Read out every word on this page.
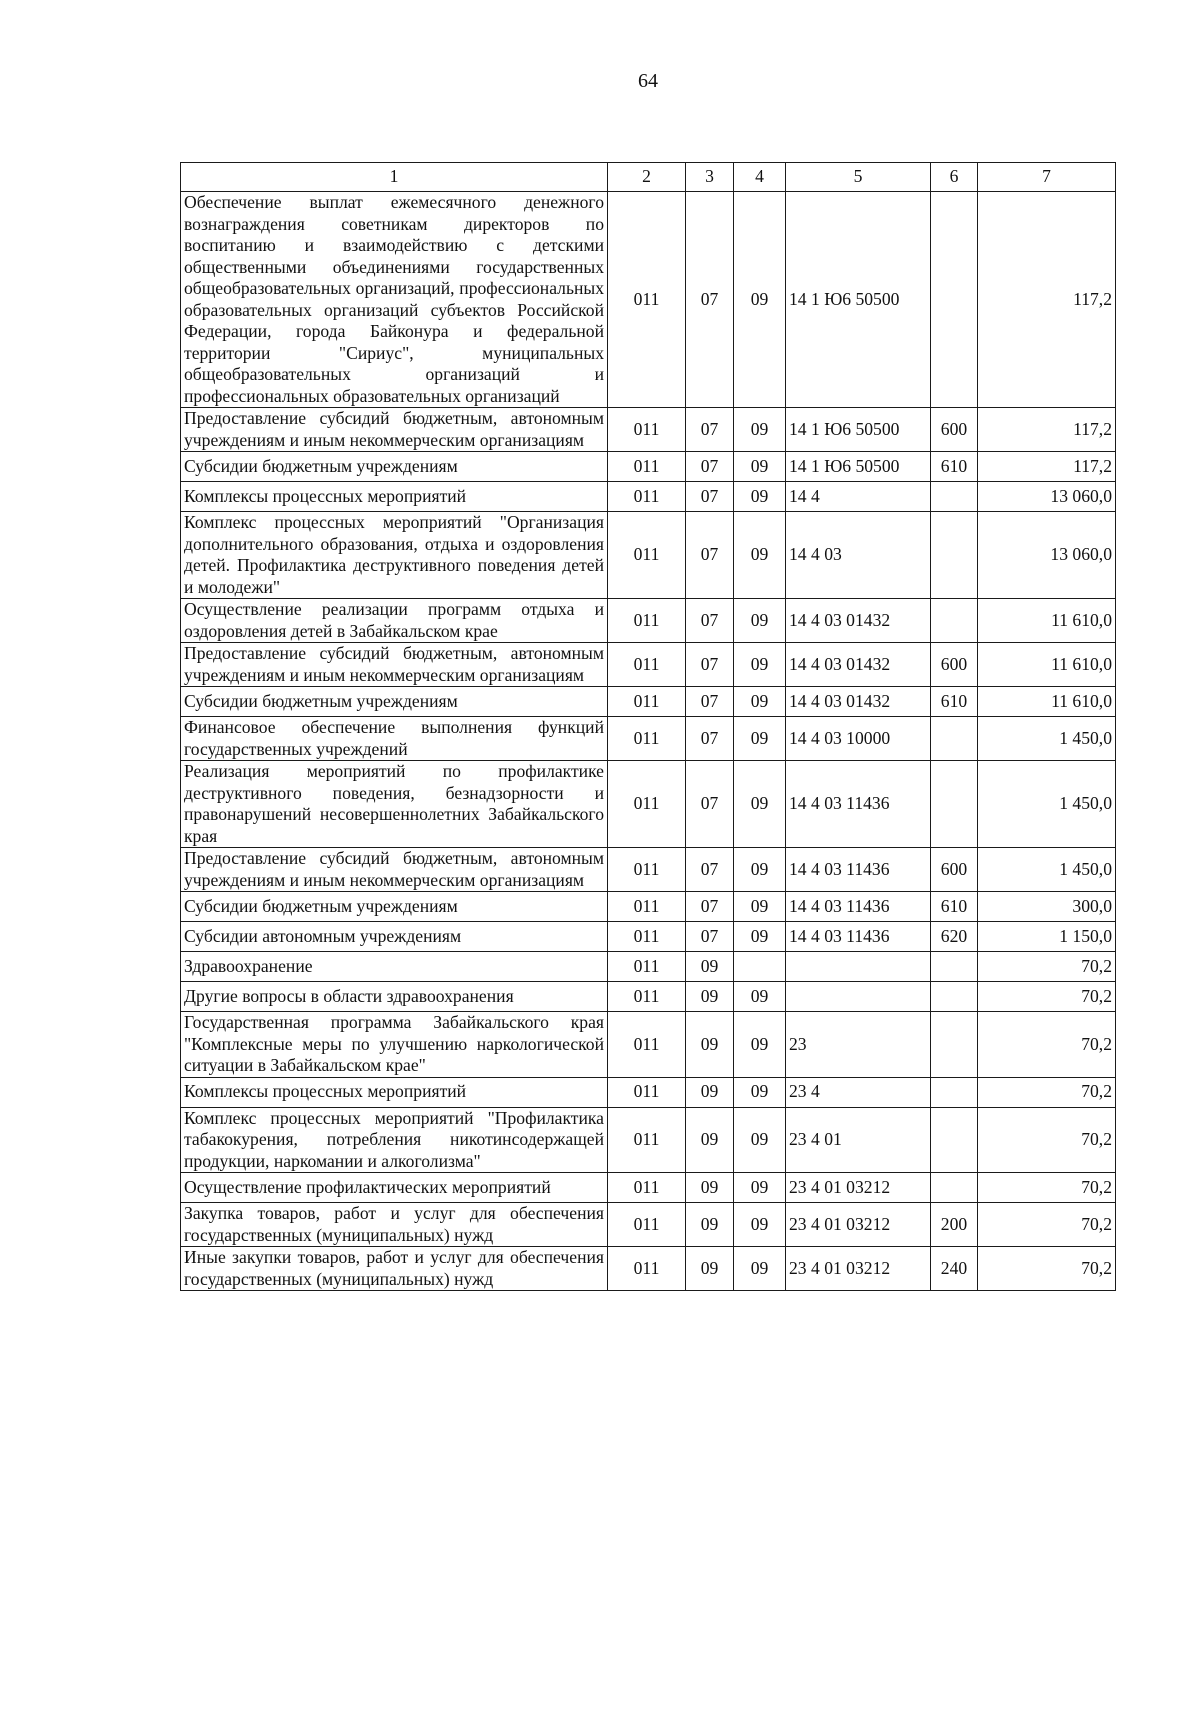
64
1	2	3	4	5	6	7
Обеспечение выплат ежемесячного денежного вознаграждения советникам директоров по воспитанию и взаимодействию с детскими общественными объединениями государственных общеобразовательных организаций, профессиональных образовательных организаций субъектов Российской Федерации, города Байконура и федеральной территории "Сириус", муниципальных общеобразовательных организаций и профессиональных образовательных организаций	011	07	09	14 1 Ю6 50500		117,2
Предоставление субсидий бюджетным, автономным учреждениям и иным некоммерческим организациям	011	07	09	14 1 Ю6 50500	600	117,2
Субсидии бюджетным учреждениям	011	07	09	14 1 Ю6 50500	610	117,2
Комплексы процессных мероприятий	011	07	09	14 4		13 060,0
Комплекс процессных мероприятий "Организация дополнительного образования, отдыха и оздоровления детей. Профилактика деструктивного поведения детей и молодежи"	011	07	09	14 4 03		13 060,0
Осуществление реализации программ отдыха и оздоровления детей в Забайкальском крае	011	07	09	14 4 03 01432		11 610,0
Предоставление субсидий бюджетным, автономным учреждениям и иным некоммерческим организациям	011	07	09	14 4 03 01432	600	11 610,0
Субсидии бюджетным учреждениям	011	07	09	14 4 03 01432	610	11 610,0
Финансовое обеспечение выполнения функций государственных учреждений	011	07	09	14 4 03 10000		1 450,0
Реализация мероприятий по профилактике деструктивного поведения, безнадзорности и правонарушений несовершеннолетних Забайкальского края	011	07	09	14 4 03 11436		1 450,0
Предоставление субсидий бюджетным, автономным учреждениям и иным некоммерческим организациям	011	07	09	14 4 03 11436	600	1 450,0
Субсидии бюджетным учреждениям	011	07	09	14 4 03 11436	610	300,0
Субсидии автономным учреждениям	011	07	09	14 4 03 11436	620	1 150,0
Здравоохранение	011	09				70,2
Другие вопросы в области здравоохранения	011	09	09			70,2
Государственная программа Забайкальского края "Комплексные меры по улучшению наркологической ситуации в Забайкальском крае"	011	09	09	23		70,2
Комплексы процессных мероприятий	011	09	09	23 4		70,2
Комплекс процессных мероприятий "Профилактика табакокурения, потребления никотинсодержащей продукции, наркомании и алкоголизма"	011	09	09	23 4 01		70,2
Осуществление профилактических мероприятий	011	09	09	23 4 01 03212		70,2
Закупка товаров, работ и услуг для обеспечения государственных (муниципальных) нужд	011	09	09	23 4 01 03212	200	70,2
Иные закупки товаров, работ и услуг для обеспечения государственных (муниципальных) нужд	011	09	09	23 4 01 03212	240	70,2
